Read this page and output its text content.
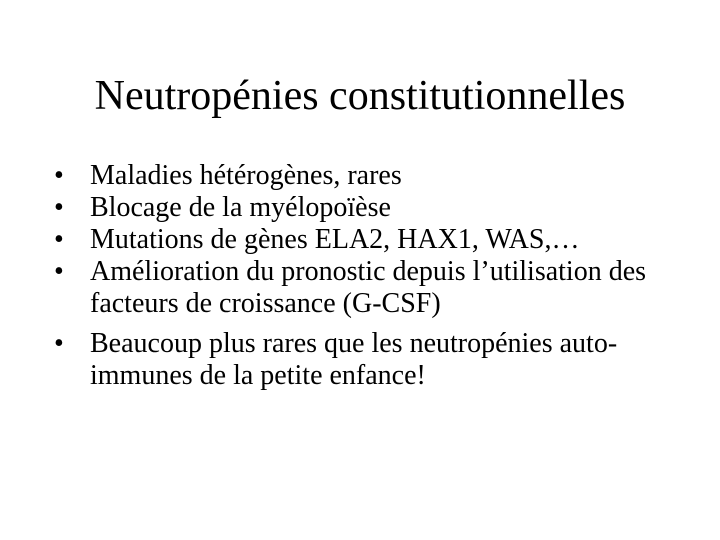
Neutropénies constitutionnelles
• Maladies hétérogènes, rares
• Blocage de la myélopoïèse
• Mutations de gènes ELA2, HAX1, WAS,…
• Amélioration du pronostic depuis l’utilisation des facteurs de croissance (G-CSF)
• Beaucoup plus rares que les neutropénies auto-immunes de la petite enfance!
